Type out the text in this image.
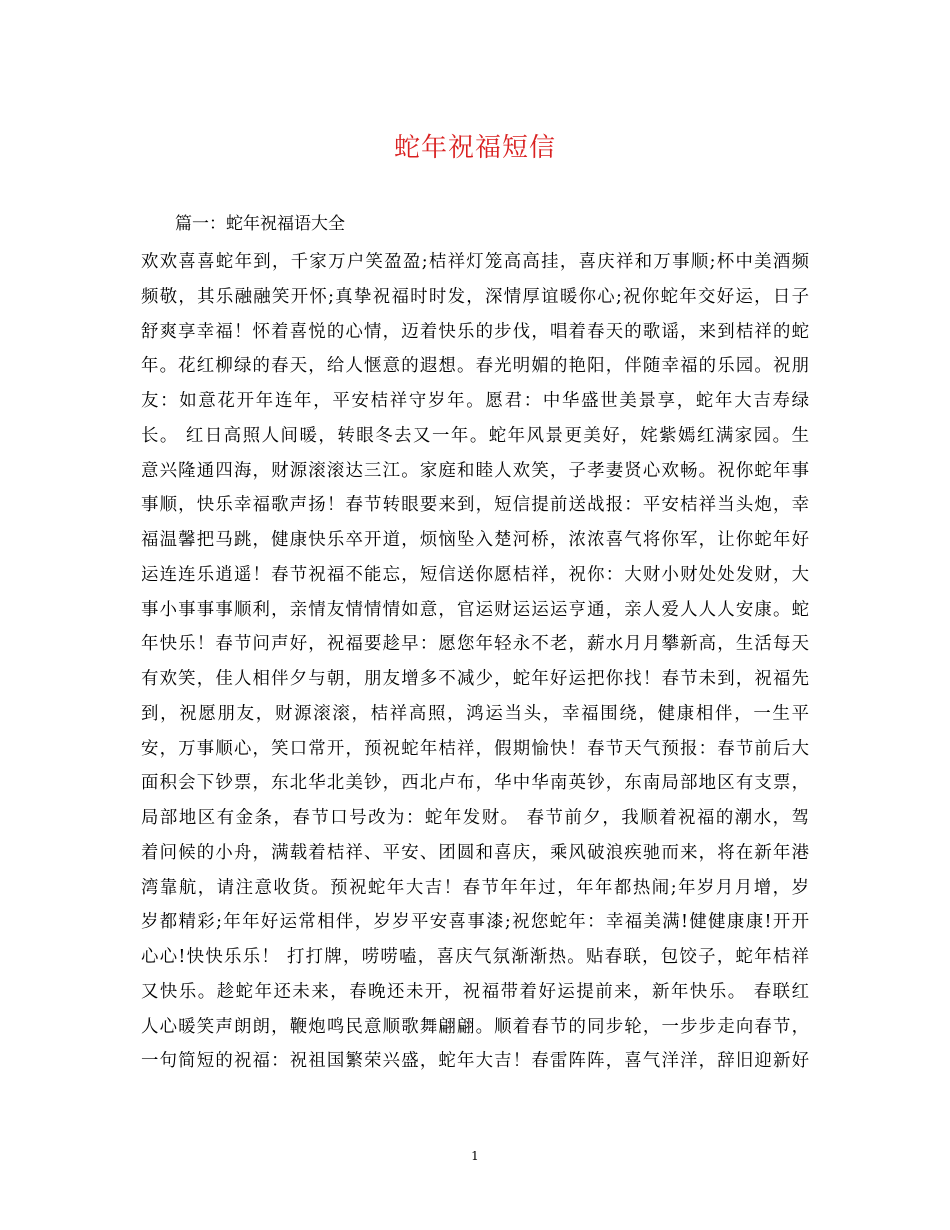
蛇年祝福短信
篇一：蛇年祝福语大全
欢欢喜喜蛇年到，千家万户笑盈盈;桔祥灯笼高高挂，喜庆祥和万事顺;杯中美酒频
频敬，其乐融融笑开怀;真挚祝福时时发，深情厚谊暖你心;祝你蛇年交好运，日子
舒爽享幸福！怀着喜悦的心情，迈着快乐的步伐，唱着春天的歌谣，来到桔祥的蛇
年。花红柳绿的春天，给人惬意的遐想。春光明媚的艳阳，伴随幸福的乐园。祝朋
友：如意花开年连年，平安桔祥守岁年。愿君：中华盛世美景享，蛇年大吉寿绿
长。 红日高照人间暖，转眼冬去又一年。蛇年风景更美好，姹紫嫣红满家园。生
意兴隆通四海，财源滚滚达三江。家庭和睦人欢笑，子孝妻贤心欢畅。祝你蛇年事
事顺，快乐幸福歌声扬！春节转眼要来到，短信提前送战报：平安桔祥当头炮，幸
福温馨把马跳，健康快乐卒开道，烦恼坠入楚河桥，浓浓喜气将你军，让你蛇年好
运连连乐逍遥！春节祝福不能忘，短信送你愿桔祥，祝你：大财小财处处发财，大
事小事事事顺利，亲情友情情情如意，官运财运运运亨通，亲人爱人人人安康。蛇
年快乐！春节问声好，祝福要趁早：愿您年轻永不老，薪水月月攀新高，生活每天
有欢笑，佳人相伴夕与朝，朋友增多不减少，蛇年好运把你找！春节未到，祝福先
到，祝愿朋友，财源滚滚，桔祥高照，鸿运当头，幸福围绕，健康相伴，一生平
安，万事顺心，笑口常开，预祝蛇年桔祥，假期愉快！春节天气预报：春节前后大
面积会下钞票，东北华北美钞，西北卢布，华中华南英钞，东南局部地区有支票，
局部地区有金条，春节口号改为：蛇年发财。 春节前夕，我顺着祝福的潮水，驾
着问候的小舟，满载着桔祥、平安、团圆和喜庆，乘风破浪疾驰而来，将在新年港
湾靠航，请注意收货。预祝蛇年大吉！春节年年过，年年都热闹;年岁月月增，岁
岁都精彩;年年好运常相伴，岁岁平安喜事漆;祝您蛇年：幸福美满!健健康康!开开
心心!快快乐乐！ 打打牌，唠唠嗑，喜庆气氛渐渐热。贴春联，包饺子，蛇年桔祥
又快乐。趁蛇年还未来，春晚还未开，祝福带着好运提前来，新年快乐。 春联红
人心暖笑声朗朗，鞭炮鸣民意顺歌舞翩翩。顺着春节的同步轮，一步步走向春节，
一句简短的祝福：祝祖国繁荣兴盛，蛇年大吉！春雷阵阵，喜气洋洋，辞旧迎新好
1
